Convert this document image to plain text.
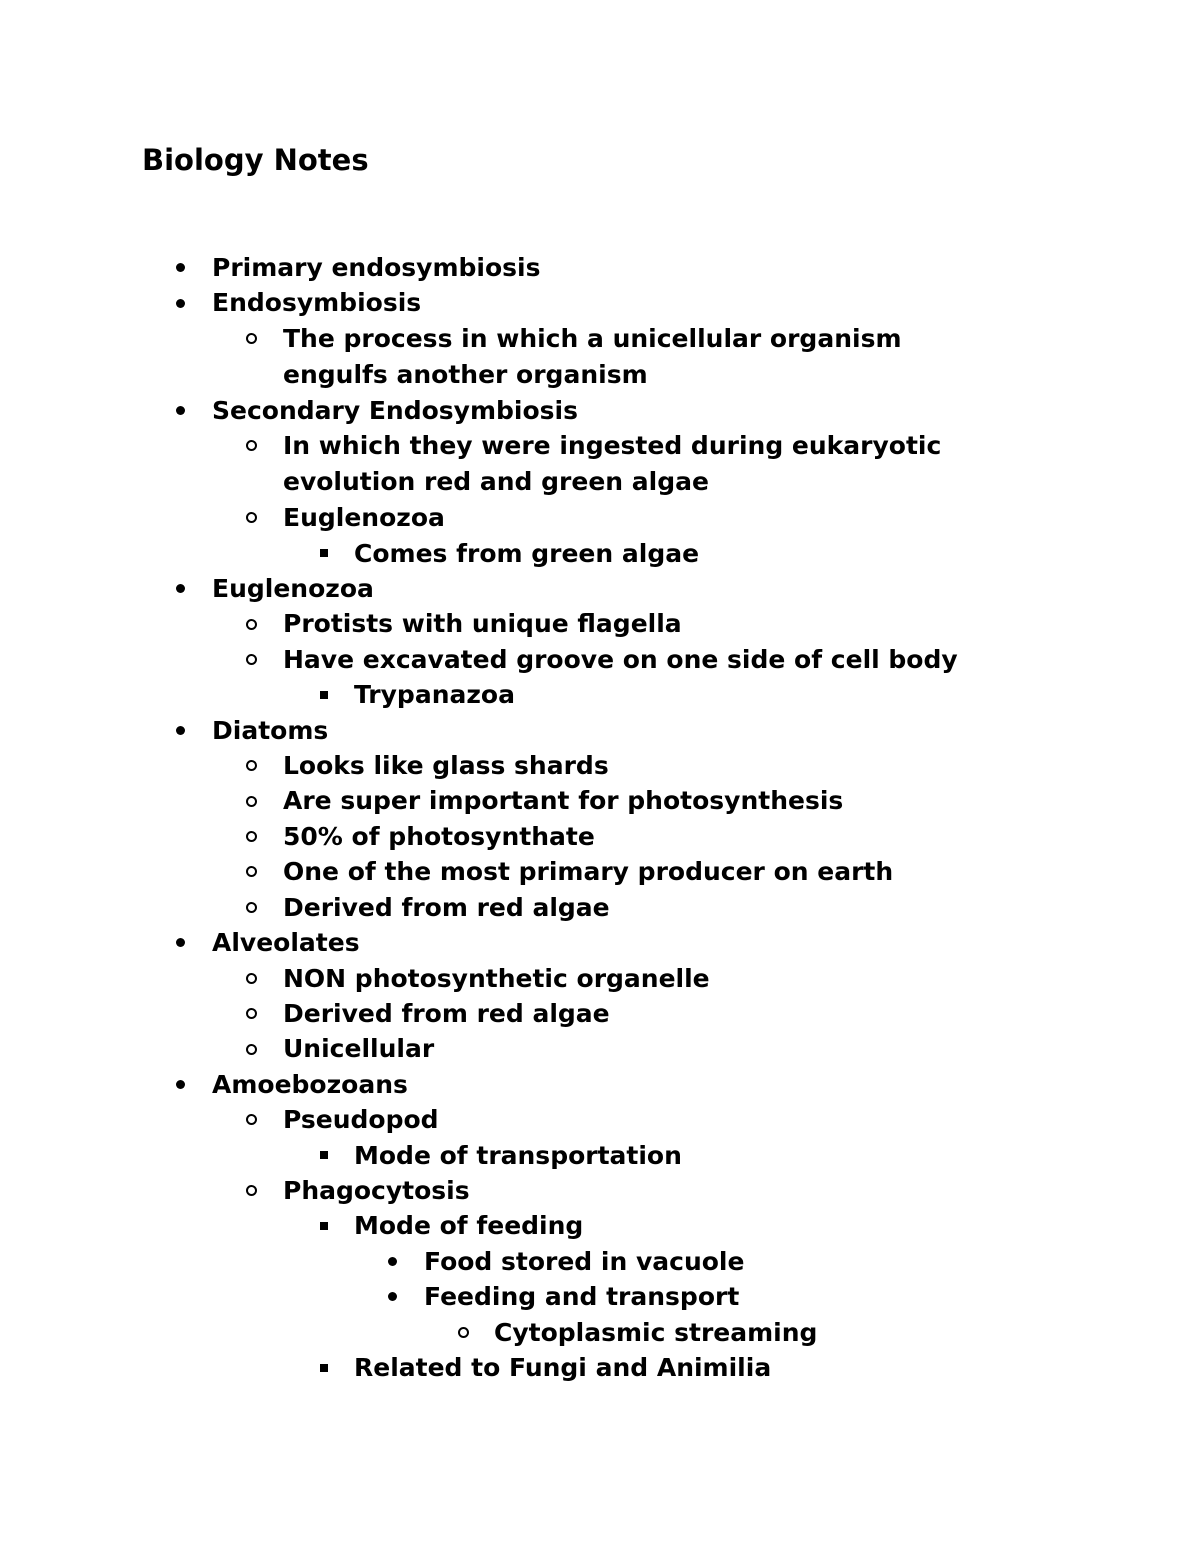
Biology Notes
Primary endosymbiosis
Endosymbiosis
The process in which a unicellular organism
engulfs another organism
Secondary Endosymbiosis
In which they were ingested during eukaryotic
evolution red and green algae
Euglenozoa
Comes from green algae
Euglenozoa
Protists with unique flagella
Have excavated groove on one side of cell body
Trypanazoa
Diatoms
Looks like glass shards
Are super important for photosynthesis
50% of photosynthate
One of the most primary producer on earth
Derived from red algae
Alveolates
NON photosynthetic organelle
Derived from red algae
Unicellular
Amoebozoans
Pseudopod
Mode of transportation
Phagocytosis
Mode of feeding
Food stored in vacuole
Feeding and transport
Cytoplasmic streaming
Related to Fungi and Animilia
